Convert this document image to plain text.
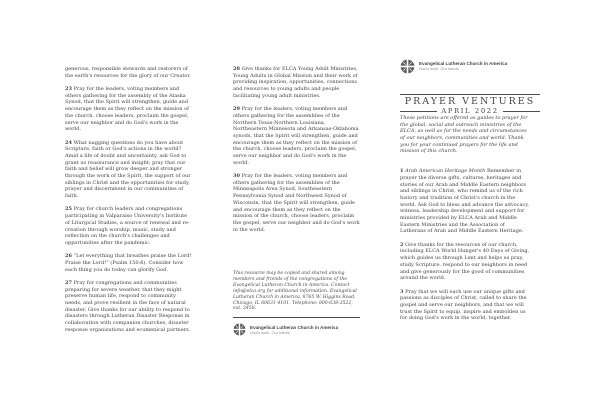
generous, responsible stewards and restorers of the earth's resources for the glory of our Creator.

23 Pray for the leaders, voting members and others gathering for the assembly of the Alaska Synod, that the Spirit will strengthen, guide and encourage them as they reflect on the mission of the church, choose leaders, proclaim the gospel, serve our neighbor and do God's work in the world.

24 What nagging questions do you have about Scripture, faith or God's actions in the world? Amid a life of doubt and uncertainty, ask God to grant us reassurance and insight; pray that our faith and belief will grow deeper and stronger through the work of the Spirit, the support of our siblings in Christ and the opportunities for study, prayer and discernment in our communities of faith.

25 Pray for church leaders and congregations participating in Valparaiso University's Institute of Liturgical Studies, a source of renewal and re-creation through worship, music, study and reflection on the church's challenges and opportunities after the pandemic.

26 “Let everything that breathes praise the Lord! Praise the Lord!” (Psalm 150:6). Consider how each thing you do today can glorify God.

27 Pray for congregations and communities preparing for severe weather, that they might preserve human life, respond to community needs, and prove resilient in the face of natural disaster. Give thanks for our ability to respond to disasters through Lutheran Disaster Response in collaboration with companion churches, disaster response organizations and ecumenical partners.

28 Give thanks for ELCA Young Adult Ministries, Young Adults in Global Mission and their work of providing inspiration, opportunities, connections and resources to young adults and people facilitating young adult ministries.

29 Pray for the leaders, voting members and others gathering for the assemblies of the Northern Texas-Northern Louisiana, Northeastern Minnesota and Arkansas-Oklahoma synods, that the Spirit will strengthen, guide and encourage them as they reflect on the mission of the church, choose leaders, proclaim the gospel, serve our neighbor and do God's work in the world.

30 Pray for the leaders, voting members and others gathering for the assemblies of the Minneapolis Area Synod, Southeastern Pennsylvania Synod and Northwest Synod of Wisconsin, that the Spirit will strengthen, guide and encourage them as they reflect on the mission of the church, choose leaders, proclaim the gospel, serve our neighbor and do God's work in the world.

This resource may be copied and shared among members and friends of the congregations of the Evangelical Lutheran Church in America. Contact info@elca.org for additional information. Evangelical Lutheran Church in America, 8765 W. Higgins Road, Chicago, IL 60631-4101. Telephone: 800-638-3522, ext. 2458.

Evangelical Lutheran Church in America
God's work. Our hands.
Evangelical Lutheran Church in America
God's work. Our hands.
PRAYER VENTURES
APRIL 2022

These petitions are offered as guides to prayer for the global, social and outreach ministries of the ELCA, as well as for the needs and circumstances of our neighbors, communities and world. Thank you for your continued prayers for the life and mission of this church.

1 Arab American Heritage Month Remember in prayer the diverse gifts, cultures, heritages and stories of our Arab and Middle Eastern neighbors and siblings in Christ, who remind us of the rich history and tradition of Christ's church in the world. Ask God to bless and advance the advocacy, witness, leadership development and support for ministries provided by ELCA Arab and Middle Eastern Ministries and the Association of Lutherans of Arab and Middle Eastern Heritage.

2 Give thanks for the resources of our church, including ELCA World Hunger's 40 Days of Giving, which guides us through Lent and helps us pray, study Scripture, respond to our neighbors in need and give generously for the good of communities around the world.

3 Pray that we will each use our unique gifts and passions as disciples of Christ, called to share the gospel and serve our neighbors, and that we will trust the Spirit to equip, inspire and embolden us for doing God's work in the world, together.
